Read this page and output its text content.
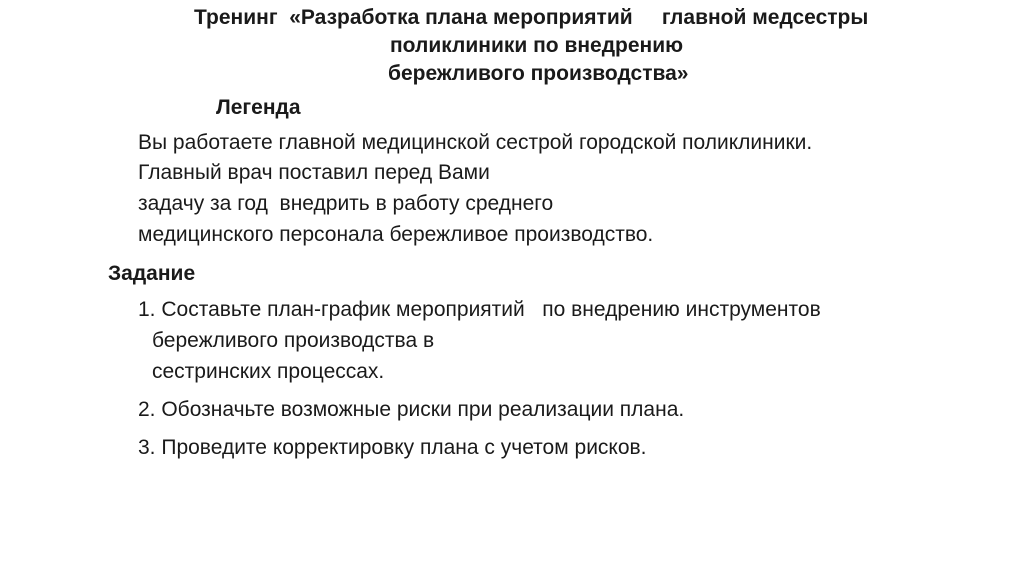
Тренинг  «Разработка плана мероприятий     главной медсестры
поликлиники по внедрению
бережливого производства»
Легенда
Вы работаете главной медицинской сестрой городской поликлиники.
Главный врач поставил перед Вами
задачу за год  внедрить в работу среднего
медицинского персонала бережливое производство.
Задание
1. Составьте план-график мероприятий   по внедрению инструментов
бережливого производства в
сестринских процессах.
2. Обозначьте возможные риски при реализации плана.
3. Проведите корректировку плана с учетом рисков.
